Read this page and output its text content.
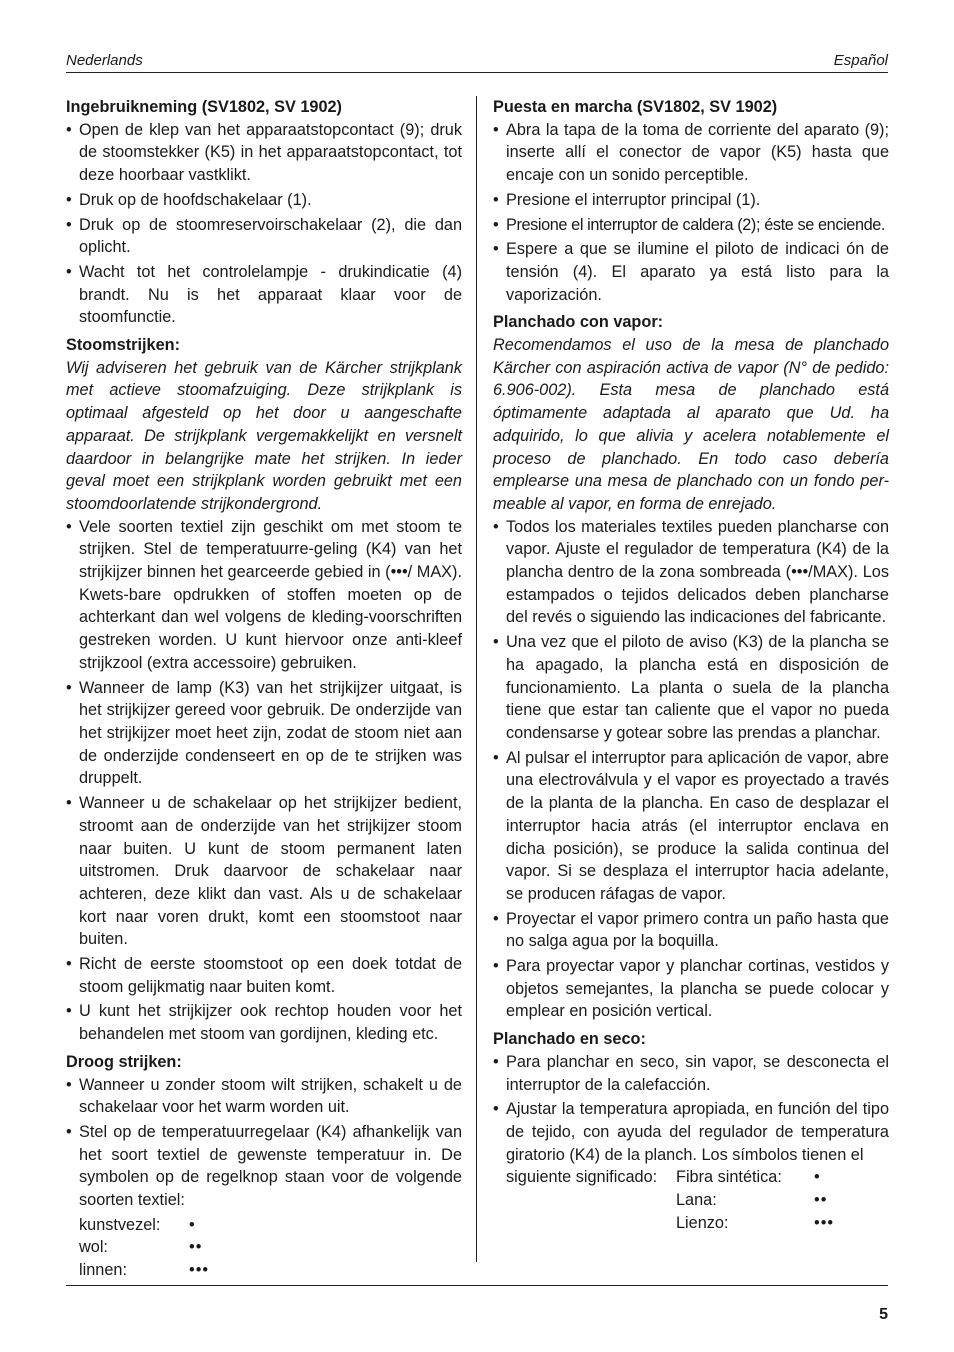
Nederlands	Español
Ingebruikneming (SV1802, SV 1902)
• Open de klep van het apparaatstopcontact (9); druk de stoomstekker (K5) in het apparaatstopcontact, tot deze hoorbaar vastklikt.
• Druk op de hoofdschakelaar (1).
• Druk op de stoomreservoirschakelaar (2), die dan oplicht.
• Wacht tot het controlelampje - drukindicatie (4) brandt. Nu is het apparaat klaar voor de stoomfunctie.
Stoomstrijken:

Wij adviseren het gebruik van de Kärcher strijkplank met actieve stoomafzuiging. Deze strijkplank is optimaal afgesteld op het door u aangeschafte apparaat. De strijkplank vergemakkelijkt en versnelt daardoor in belangrijke mate het strijken. In ieder geval moet een strijkplank worden gebruikt met een stoomdoorlatende strijkondergrond.

• Vele soorten textiel zijn geschikt om met stoom te strijken. Stel de temperatuurre-geling (K4) van het strijkijzer binnen het gearceerde gebied in (•••/ MAX). Kwets-bare opdrukken of stoffen moeten op de achterkant dan wel volgens de kleding-voorschriften gestreken worden. U kunt hiervoor onze anti-kleef strijkzool (extra accessoire) gebruiken.
• Wanneer de lamp (K3) van het strijkijzer uitgaat, is het strijkijzer gereed voor gebruik. De onderzijde van het strijkijzer moet heet zijn, zodat de stoom niet aan de onderzijde condenseert en op de te strijken was druppelt.
• Wanneer u de schakelaar op het strijkijzer bedient, stroomt aan de onderzijde van het strijkijzer stoom naar buiten. U kunt de stoom permanent laten uitstromen. Druk daarvoor de schakelaar naar achteren, deze klikt dan vast. Als u de schakelaar kort naar voren drukt, komt een stoomstoot naar buiten.
• Richt de eerste stoomstoot op een doek totdat de stoom gelijkmatig naar buiten komt.
• U kunt het strijkijzer ook rechtop houden voor het behandelen met stoom van gordijnen, kleding etc.
Droog strijken:
• Wanneer u zonder stoom wilt strijken, schakelt u de schakelaar voor het warm worden uit.
• Stel op de temperatuurregelaar (K4) afhankelijk van het soort textiel de gewenste temperatuur in. De symbolen op de regelknop staan voor de volgende soorten textiel:
kunstvezel:	•
wol:	••
linnen:	•••
Puesta en marcha (SV1802, SV 1902)
• Abra la tapa de la toma de corriente del aparato (9); inserte allí el conector de vapor (K5) hasta que encaje con un sonido perceptible.
• Presione el interruptor principal (1).
• Presione el interruptor de caldera (2); éste se enciende.
• Espere a que se ilumine el piloto de indicaci ón de tensión (4). El aparato ya está listo para la vaporización.
Planchado con vapor:

Recomendamos el uso de la mesa de planchado Kärcher con aspiración activa de vapor (N° de pedido: 6.906-002). Esta mesa de planchado está óptimamente adaptada al aparato que Ud. ha adquirido, lo que alivia y acelera notablemente el proceso de planchado. En todo caso debería emplearse una mesa de planchado con un fondo per-meable al vapor, en forma de enrejado.

• Todos los materiales textiles pueden plancharse con vapor. Ajuste el regulador de temperatura (K4) de la plancha dentro de la zona sombreada (•••/MAX). Los estampados o tejidos delicados deben plancharse del revés o siguiendo las indicaciones del fabricante.
• Una vez que el piloto de aviso (K3) de la plancha se ha apagado, la plancha está en disposición de funcionamiento. La planta o suela de la plancha tiene que estar tan caliente que el vapor no pueda condensarse y gotear sobre las prendas a planchar.
• Al pulsar el interruptor para aplicación de vapor, abre una electroválvula y el vapor es proyectado a través de la planta de la plancha. En caso de desplazar el interruptor hacia atrás (el interruptor enclava en dicha posición), se produce la salida continua del vapor. Si se desplaza el interruptor hacia adelante, se producen ráfagas de vapor.
• Proyectar el vapor primero contra un paño hasta que no salga agua por la boquilla.
• Para proyectar vapor y planchar cortinas, vestidos y objetos semejantes, la plancha se puede colocar y emplear en posición vertical.
Planchado en seco:
• Para planchar en seco, sin vapor, se desconecta el interruptor de la calefacción.
• Ajustar la temperatura apropiada, en función del tipo de tejido, con ayuda del regulador de temperatura giratorio (K4) de la planch. Los símbolos tienen el
siguiente significado:	Fibra sintética:	•
Lana:	••
Lienzo:	•••
5
